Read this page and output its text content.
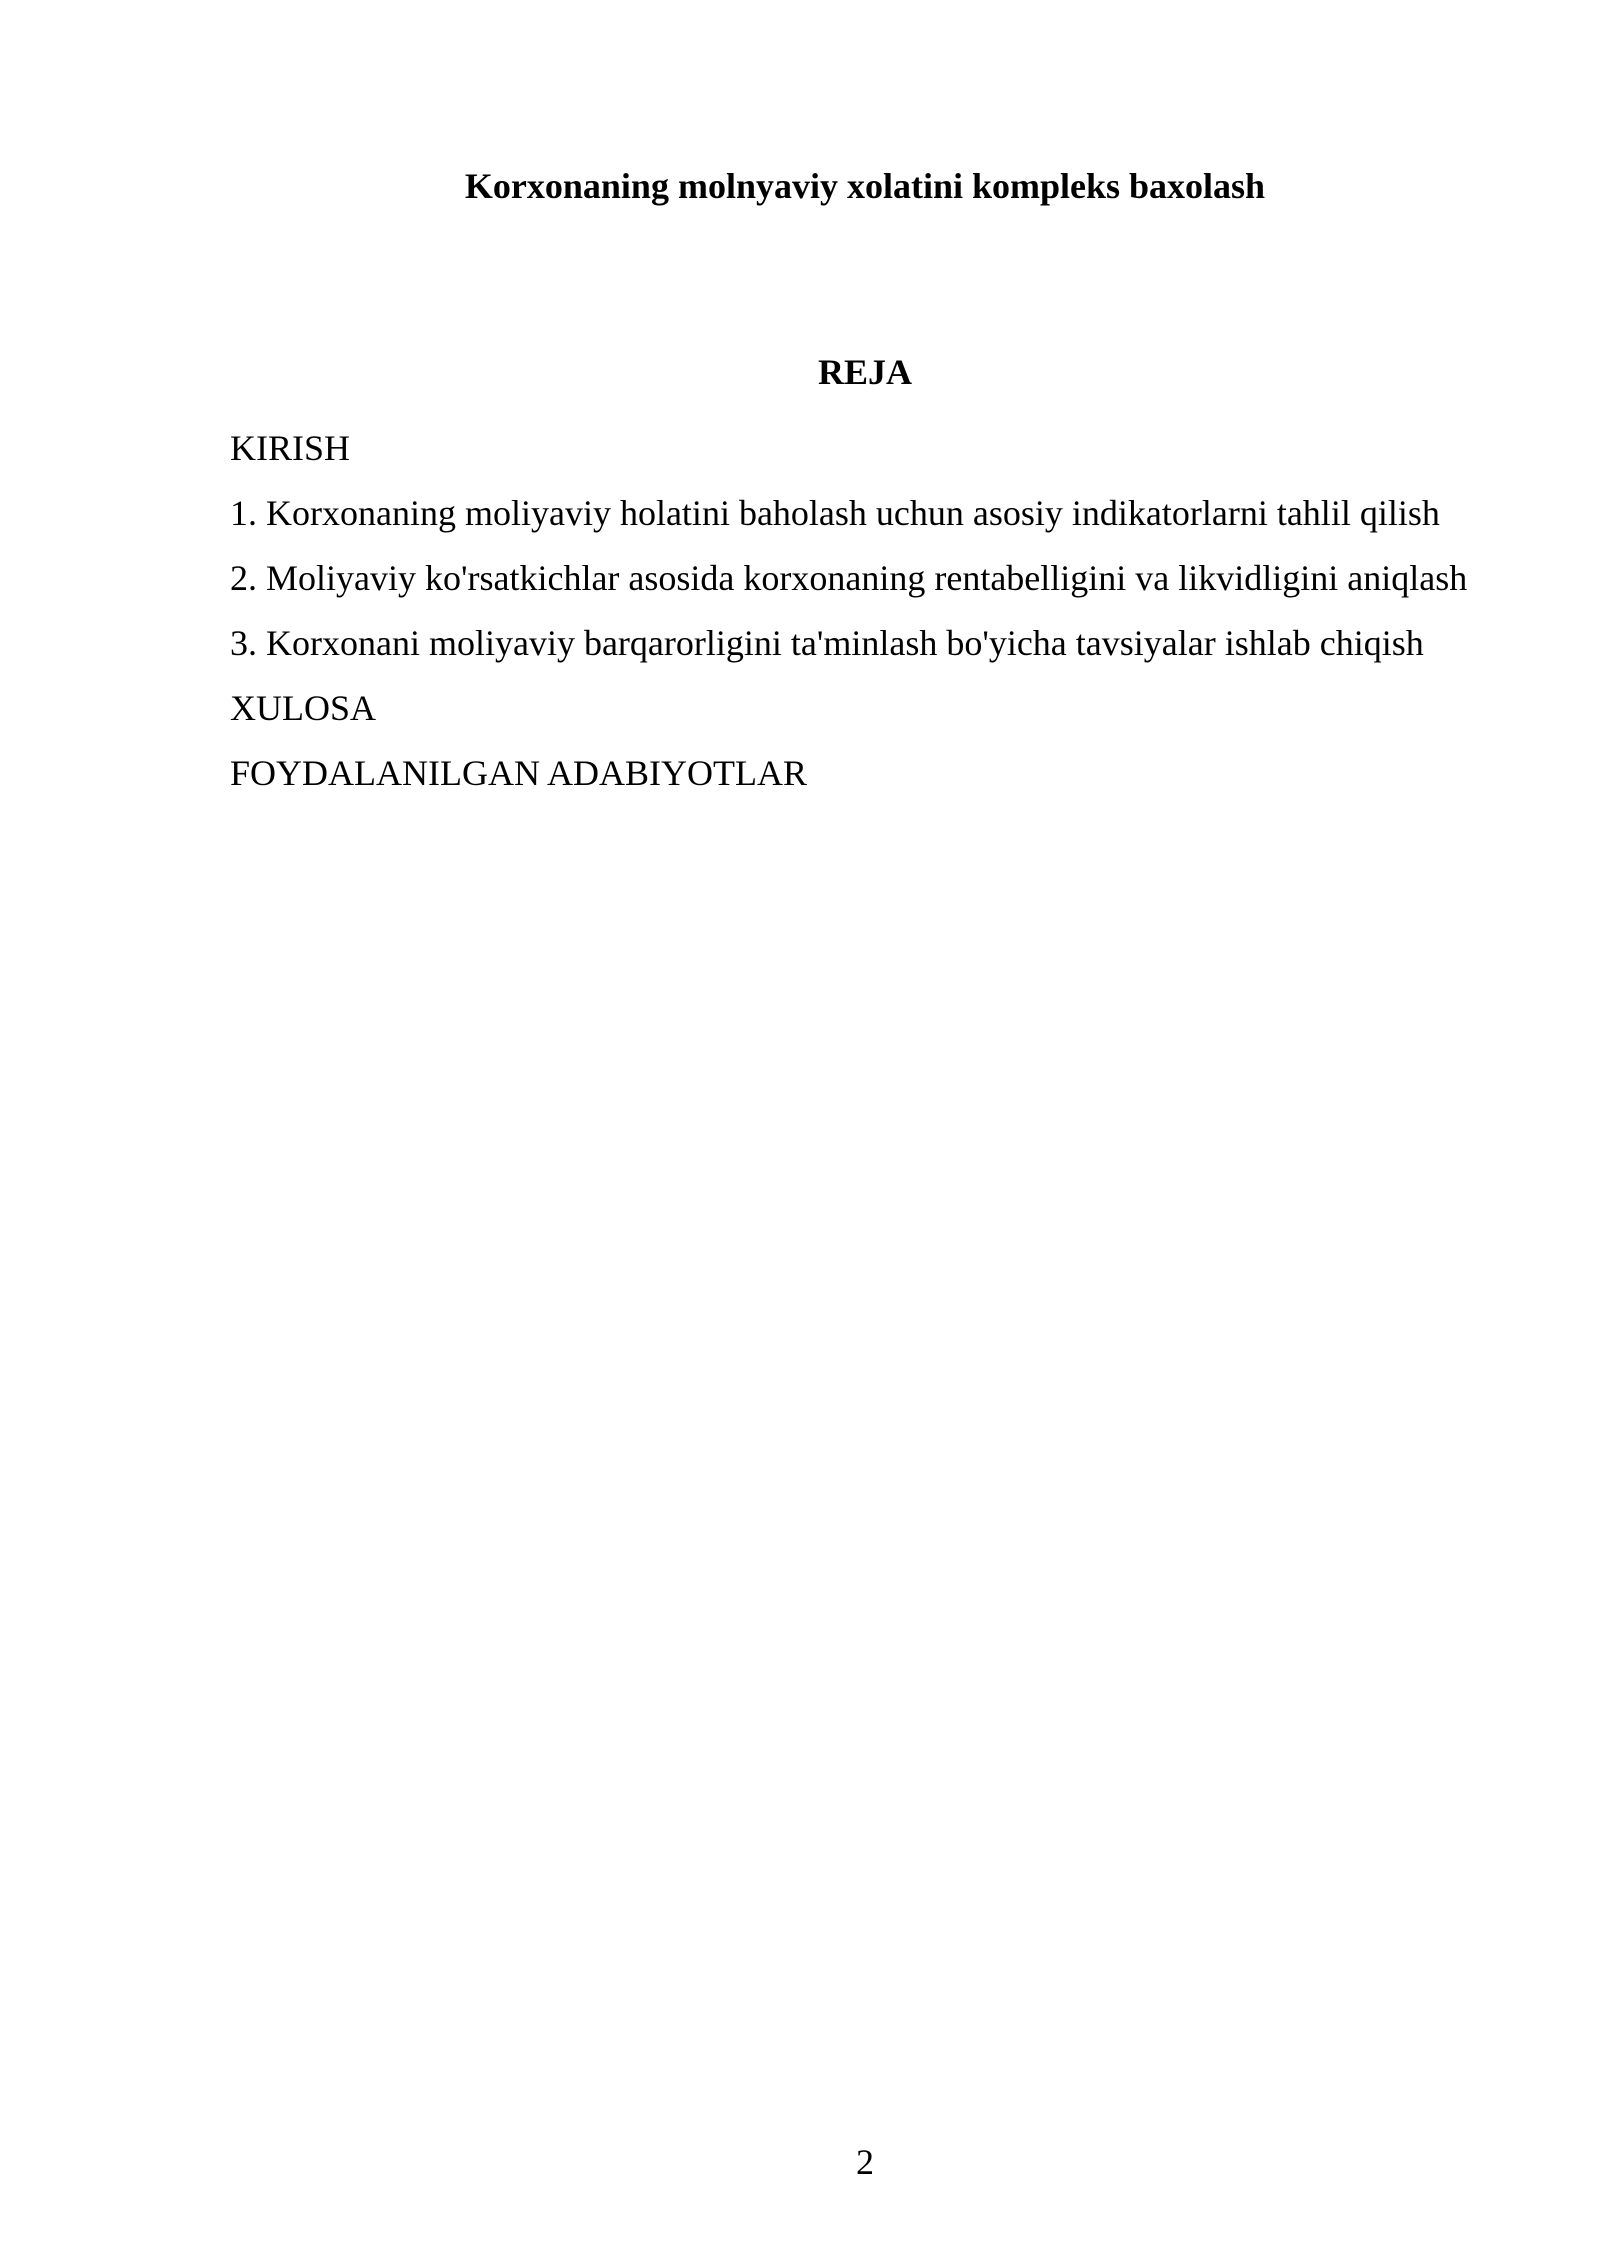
Korxonaning molnyaviy xolatini kompleks baxolash
REJA
KIRISH
1. Korxonaning moliyaviy holatini baholash uchun asosiy indikatorlarni tahlil qilish
2. Moliyaviy ko'rsatkichlar asosida korxonaning rentabelligini va likvidligini aniqlash
3. Korxonani moliyaviy barqarorligini ta'minlash bo'yicha tavsiyalar ishlab chiqish
XULOSA
FOYDALANILGAN ADABIYOTLAR
2
